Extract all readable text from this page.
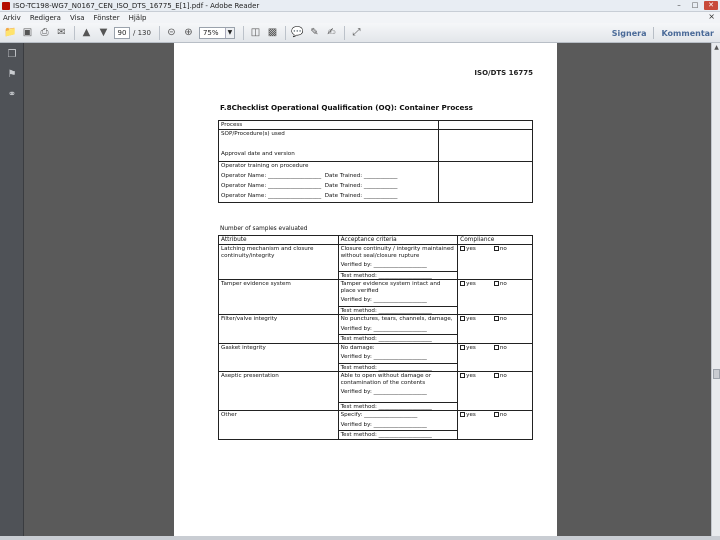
ISO-TC198-WG7_N0167_CEN_ISO_DTS_16775_E[1].pdf - Adobe Reader	–	□	✕
Arkiv Redigera Visa Fönster Hjälp	×
📁 ▣ ⎙ ✉ ▲ ▼	90 / 130 ⊝ ⊕	75%	▼ ◫ ▩ 💬 ✎ ✍ ⤢	Signera Kommentar
❐
⚑
⚭
▲
ISO/DTS 16775
F.8Checklist Operational Qualification (OQ): Container Process
Process	

SOP/Procedure(s) used
Approval date and version	

Operator training on procedure
Operator Name: ___________________ Date Trained: ____________
Operator Name: ___________________ Date Trained: ____________
Operator Name: ___________________ Date Trained: ____________	

Number of samples evaluated
Attribute	Acceptance criteria	Compliance
Latching mechanism and closure continuity/integrity	Closure continuity / integrity maintained without seal/closure rupture
Verified by: ___________________
Test method: ___________________	yes no
Tamper evidence system	Tamper evidence system intact and place verified
Verified by: ___________________
Test method: ___________________	yes no
Filter/valve integrity	No punctures, tears, channels, damage,
Verified by: ___________________
Test method: ___________________	yes no
Gasket integrity	No damage:
Verified by: ___________________
Test method: ___________________	yes no
Aseptic presentation	Able to open without damage or contamination of the contents
Verified by: ___________________
Test method: ___________________	yes no
Other	Specify: ___________________
Verified by: ___________________
Test method: ___________________	yes no
